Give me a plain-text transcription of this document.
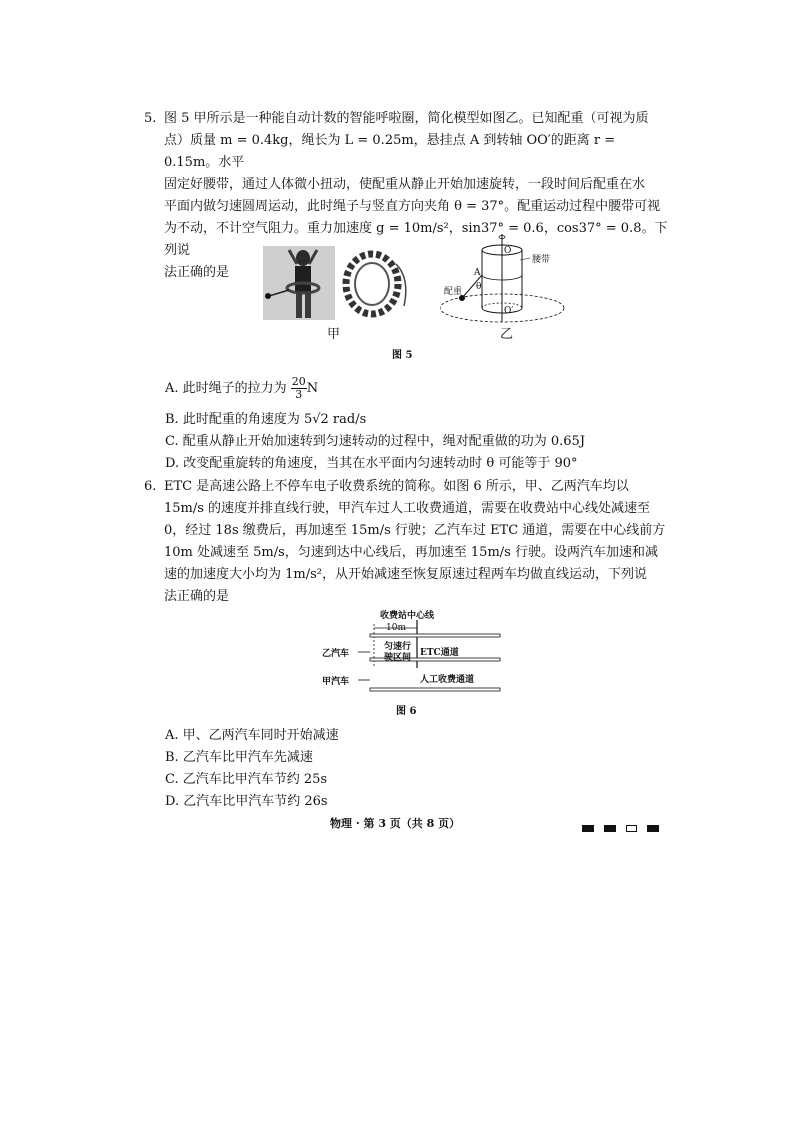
5. 图 5 甲所示是一种能自动计数的智能呼啦圈，简化模型如图乙。已知配重（可视为质
点）质量 m = 0.4kg，绳长为 L = 0.25m，悬挂点 A 到转轴 OO′的距离 r = 0.15m。水平
固定好腰带，通过人体微小扭动，使配重从静止开始加速旋转，一段时间后配重在水
平面内做匀速圆周运动，此时绳子与竖直方向夹角 θ = 37°。配重运动过程中腰带可视
为不动，不计空气阻力。重力加速度 g = 10m/s²，sin37° = 0.6，cos37° = 0.8。下列说
法正确的是
甲
O
O′
A
θ
腰带
配重
乙
图 5
A. 此时绳子的拉力为 $\frac{20}{3}$ N
B. 此时配重的角速度为 5√2 rad/s
C. 配重从静止开始加速转到匀速转动的过程中，绳对配重做的功为 0.65J
D. 改变配重旋转的角速度，当其在水平面内匀速转动时 θ 可能等于 90°
6. ETC 是高速公路上不停车电子收费系统的简称。如图 6 所示，甲、乙两汽车均以
15m/s 的速度并排直线行驶，甲汽车过人工收费通道，需要在收费站中心线处减速至
0，经过 18s 缴费后，再加速至 15m/s 行驶；乙汽车过 ETC 通道，需要在中心线前方
10m 处减速至 5m/s，匀速到达中心线后，再加速至 15m/s 行驶。设两汽车加速和减
速的加速度大小均为 1m/s²，从开始减速至恢复原速过程两车均做直线运动，下列说
法正确的是
收费站中心线
10m
匀速行
驶区间 ETC通道
人工收费通道
乙汽车
甲汽车
图 6
A. 甲、乙两汽车同时开始减速
B. 乙汽车比甲汽车先减速
C. 乙汽车比甲汽车节约 25s
D. 乙汽车比甲汽车节约 26s
物理 · 第 3 页（共 8 页）
